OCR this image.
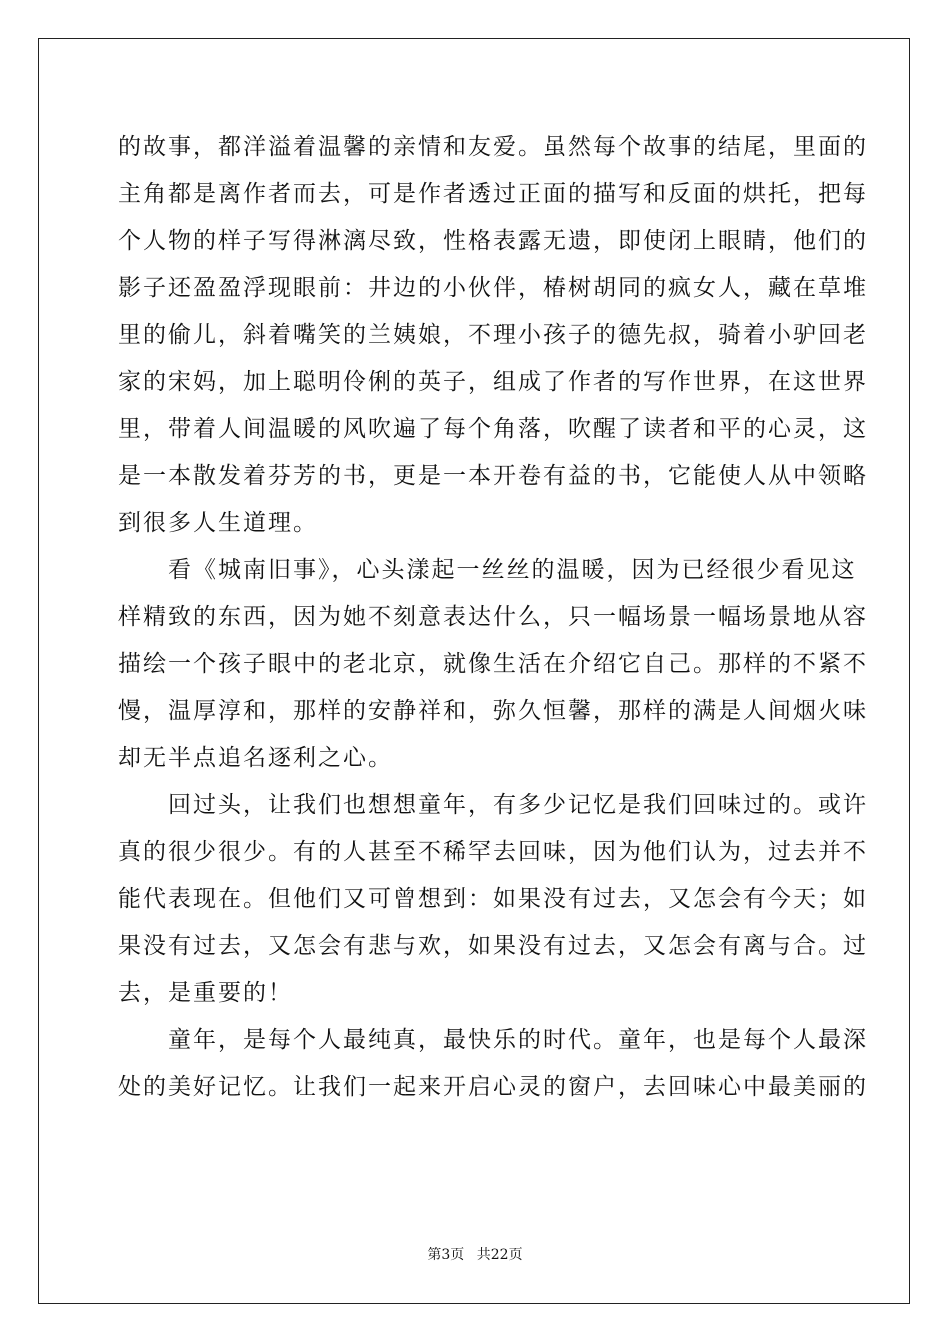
的故事，都洋溢着温馨的亲情和友爱。虽然每个故事的结尾，里面的
主角都是离作者而去，可是作者透过正面的描写和反面的烘托，把每
个人物的样子写得淋漓尽致，性格表露无遗，即使闭上眼睛，他们的
影子还盈盈浮现眼前：井边的小伙伴，椿树胡同的疯女人，藏在草堆
里的偷儿，斜着嘴笑的兰姨娘，不理小孩子的德先叔，骑着小驴回老
家的宋妈，加上聪明伶俐的英子，组成了作者的写作世界，在这世界
里，带着人间温暖的风吹遍了每个角落，吹醒了读者和平的心灵，这
是一本散发着芬芳的书，更是一本开卷有益的书，它能使人从中领略
到很多人生道理。
　　看《城南旧事》，心头漾起一丝丝的温暖，因为已经很少看见这
样精致的东西，因为她不刻意表达什么，只一幅场景一幅场景地从容
描绘一个孩子眼中的老北京，就像生活在介绍它自己。那样的不紧不
慢，温厚淳和，那样的安静祥和，弥久恒馨，那样的满是人间烟火味
却无半点追名逐利之心。
　　回过头，让我们也想想童年，有多少记忆是我们回味过的。或许
真的很少很少。有的人甚至不稀罕去回味，因为他们认为，过去并不
能代表现在。但他们又可曾想到：如果没有过去，又怎会有今天；如
果没有过去，又怎会有悲与欢，如果没有过去，又怎会有离与合。过
去，是重要的！
　　童年，是每个人最纯真，最快乐的时代。童年，也是每个人最深
处的美好记忆。让我们一起来开启心灵的窗户，去回味心中最美丽的
第3页 共22页
